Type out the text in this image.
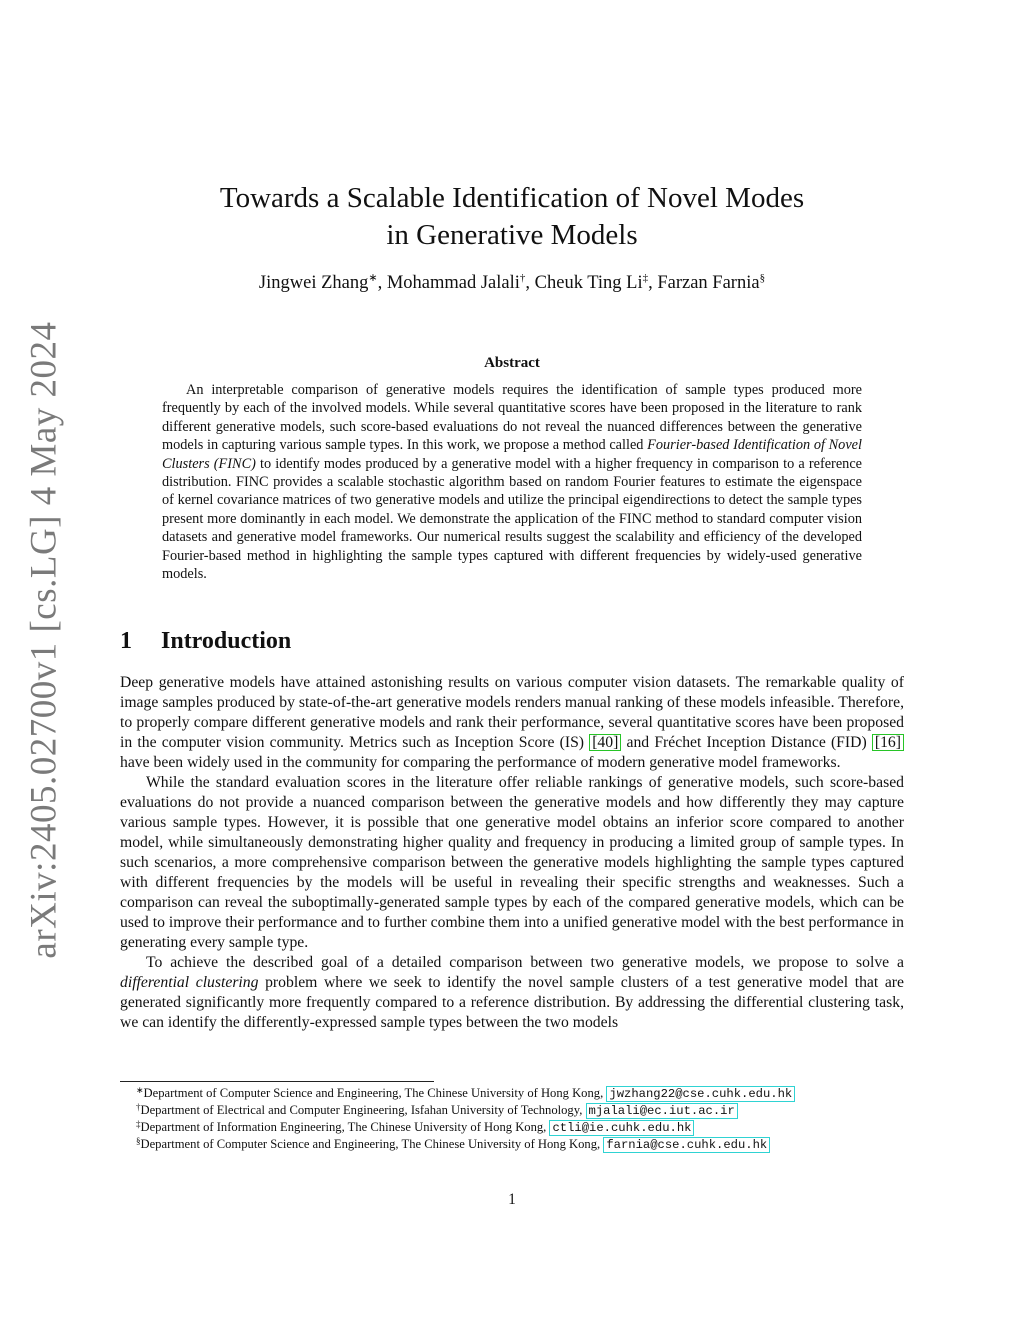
arXiv:2405.02700v1 [cs.LG] 4 May 2024
Towards a Scalable Identification of Novel Modes
in Generative Models
Jingwei Zhang∗, Mohammad Jalali†, Cheuk Ting Li‡, Farzan Farnia§
Abstract
An interpretable comparison of generative models requires the identification of sample types produced more frequently by each of the involved models. While several quantitative scores have been proposed in the literature to rank different generative models, such score-based evaluations do not reveal the nuanced differences between the generative models in capturing various sample types. In this work, we propose a method called Fourier-based Identification of Novel Clusters (FINC) to identify modes produced by a generative model with a higher frequency in comparison to a reference distribution. FINC provides a scalable stochastic algorithm based on random Fourier features to estimate the eigenspace of kernel covariance matrices of two generative models and utilize the principal eigendirections to detect the sample types present more dominantly in each model. We demonstrate the application of the FINC method to standard computer vision datasets and generative model frameworks. Our numerical results suggest the scalability and efficiency of the developed Fourier-based method in highlighting the sample types captured with different frequencies by widely-used generative models.
1 Introduction

Deep generative models have attained astonishing results on various computer vision datasets. The remarkable quality of image samples produced by state-of-the-art generative models renders manual ranking of these models infeasible. Therefore, to properly compare different generative models and rank their performance, several quantitative scores have been proposed in the computer vision community. Metrics such as Inception Score (IS) [40] and Fréchet Inception Distance (FID) [16] have been widely used in the community for comparing the performance of modern generative model frameworks.

While the standard evaluation scores in the literature offer reliable rankings of generative models, such score-based evaluations do not provide a nuanced comparison between the generative models and how differently they may capture various sample types. However, it is possible that one generative model obtains an inferior score compared to another model, while simultaneously demonstrating higher quality and frequency in producing a limited group of sample types. In such scenarios, a more comprehensive comparison between the generative models highlighting the sample types captured with different frequencies by the models will be useful in revealing their specific strengths and weaknesses. Such a comparison can reveal the suboptimally-generated sample types by each of the compared generative models, which can be used to improve their performance and to further combine them into a unified generative model with the best performance in generating every sample type.

To achieve the described goal of a detailed comparison between two generative models, we propose to solve a differential clustering problem where we seek to identify the novel sample clusters of a test generative model that are generated significantly more frequently compared to a reference distribution. By addressing the differential clustering task, we can identify the differently-expressed sample types between the two models

∗Department of Computer Science and Engineering, The Chinese University of Hong Kong, jwzhang22@cse.cuhk.edu.hk
†Department of Electrical and Computer Engineering, Isfahan University of Technology, mjalali@ec.iut.ac.ir
‡Department of Information Engineering, The Chinese University of Hong Kong, ctli@ie.cuhk.edu.hk
§Department of Computer Science and Engineering, The Chinese University of Hong Kong, farnia@cse.cuhk.edu.hk
1
